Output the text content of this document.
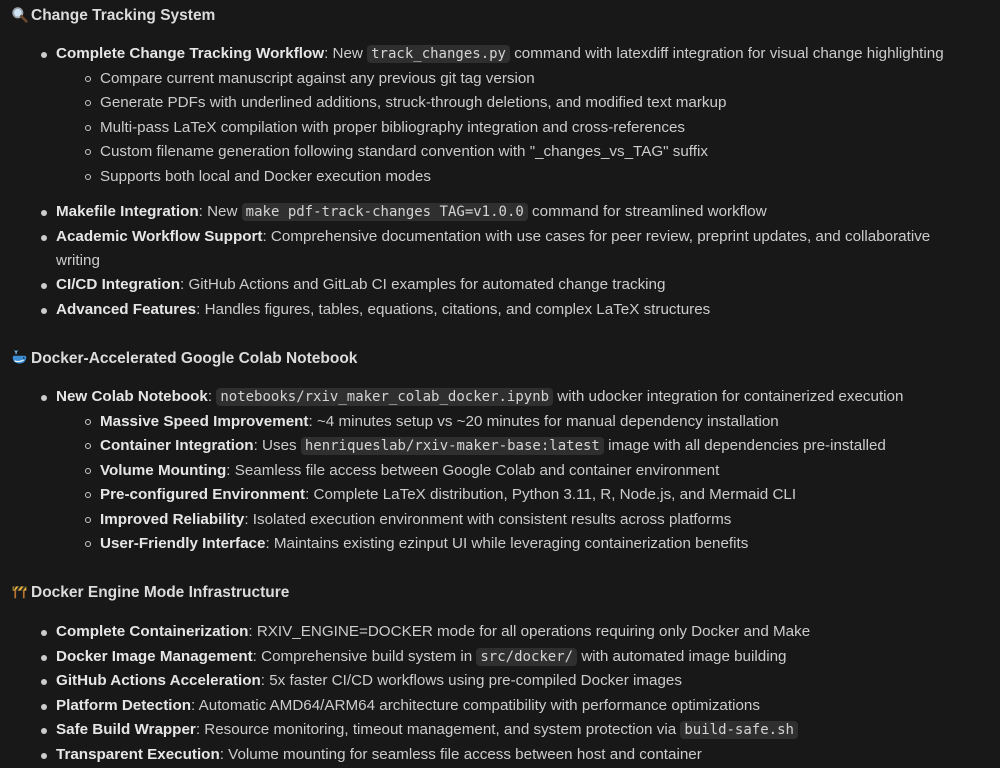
Change Tracking System
Complete Change Tracking Workflow: New track_changes.py command with latexdiff integration for visual change highlighting
Compare current manuscript against any previous git tag version
Generate PDFs with underlined additions, struck-through deletions, and modified text markup
Multi-pass LaTeX compilation with proper bibliography integration and cross-references
Custom filename generation following standard convention with "_changes_vs_TAG" suffix
Supports both local and Docker execution modes
Makefile Integration: New make pdf-track-changes TAG=v1.0.0 command for streamlined workflow
Academic Workflow Support: Comprehensive documentation with use cases for peer review, preprint updates, and collaborative
writing
CI/CD Integration: GitHub Actions and GitLab CI examples for automated change tracking
Advanced Features: Handles figures, tables, equations, citations, and complex LaTeX structures
Docker-Accelerated Google Colab Notebook
New Colab Notebook: notebooks/rxiv_maker_colab_docker.ipynb with udocker integration for containerized execution
Massive Speed Improvement: ~4 minutes setup vs ~20 minutes for manual dependency installation
Container Integration: Uses henriqueslab/rxiv-maker-base:latest image with all dependencies pre-installed
Volume Mounting: Seamless file access between Google Colab and container environment
Pre-configured Environment: Complete LaTeX distribution, Python 3.11, R, Node.js, and Mermaid CLI
Improved Reliability: Isolated execution environment with consistent results across platforms
User-Friendly Interface: Maintains existing ezinput UI while leveraging containerization benefits
Docker Engine Mode Infrastructure
Complete Containerization: RXIV_ENGINE=DOCKER mode for all operations requiring only Docker and Make
Docker Image Management: Comprehensive build system in src/docker/ with automated image building
GitHub Actions Acceleration: 5x faster CI/CD workflows using pre-compiled Docker images
Platform Detection: Automatic AMD64/ARM64 architecture compatibility with performance optimizations
Safe Build Wrapper: Resource monitoring, timeout management, and system protection via build-safe.sh
Transparent Execution: Volume mounting for seamless file access between host and container
